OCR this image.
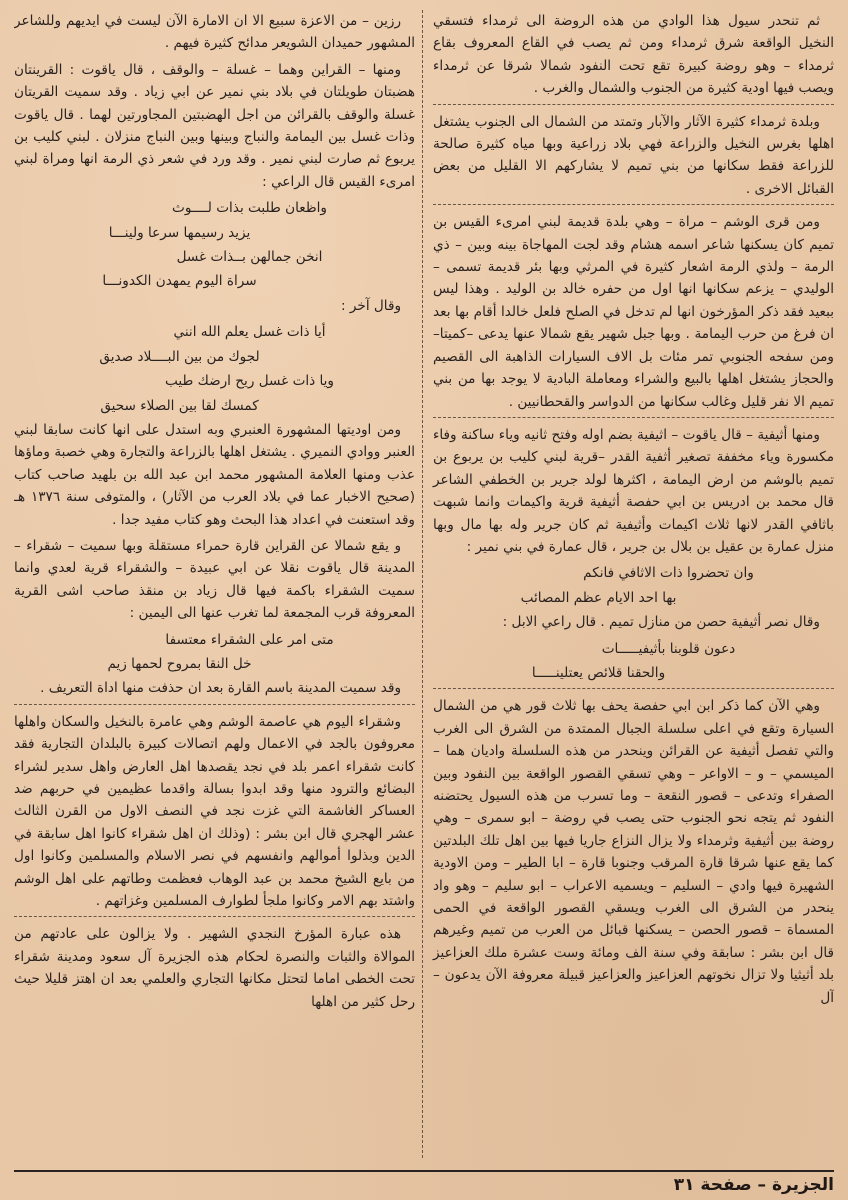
ثم تنحدر سيول هذا الوادي من هذه الروضة الى ثرمداء فتسقي النخيل الواقعة شرق ثرمداء ومن ثم يصب في القاع المعروف بقاع ثرمداء – وهو روضة كبيرة تقع تحت النفود شمالا شرقا عن ثرمداء ويصب فيها اودية كثيرة من الجنوب والشمال والغرب .

وبلدة ثرمداء كثيرة الآثار والآبار وتمتد من الشمال الى الجنوب يشتغل اهلها بغرس النخيل والزراعة فهي بلاد زراعية وبها مياه كثيرة صالحة للزراعة فقط سكانها من بني تميم لا يشاركهم الا القليل من بعض القبائل الاخرى .

ومن قرى الوشم – مراة – وهي بلدة قديمة لبني امرىء القيس بن تميم كان يسكنها شاعر اسمه هشام وقد لجت المهاجاة بينه وبين – ذي الرمة – ولذي الرمة اشعار كثيرة في المرثي وبها بئر قديمة تسمى – الوليدي – يزعم سكانها انها اول من حفره خالد بن الوليد . وهذا ليس ببعيد فقد ذكر المؤرخون انها لم تدخل في الصلح فلعل خالدا أقام بها بعد ان فرغ من حرب اليمامة . وبها جبل شهير يقع شمالا عنها يدعى –كميتا– ومن سفحه الجنوبي تمر مئات بل الاف السيارات الذاهبة الى القصيم والحجاز يشتغل اهلها بالبيع والشراء ومعاملة البادية لا يوجد بها من بني تميم الا نفر قليل وغالب سكانها من الدواسر والقحطانيين .

ومنها أثيفية – قال ياقوت – اثيفية بضم اوله وفتح ثانيه وياء ساكنة وفاء مكسورة وياء مخففة تصغير أثفية القدر –قرية لبني كليب بن يربوع بن تميم بالوشم من ارض اليمامة ، اكثرها لولد جرير بن الخطفي الشاعر قال محمد بن ادريس بن ابي حفصة أثيفية قرية واكيمات وانما شبهت باثافي القدر لانها ثلاث اكيمات وأثيفية ثم كان جرير وله بها مال وبها منزل عمارة بن عقيل بن بلال بن جرير ، قال عمارة في بني نمير :

وان تحضروا ذات الاثافي فانكم

بها احد الايام عظم المصائب

وقال نصر أثيفية حصن من منازل تميم . قال راعي الابل :

دعون قلوبنا بأثيفيـــــات

والحقنا قلائص يعتلينـــــا

وهي الآن كما ذكر ابن ابي حفصة يحف بها ثلاث قور هي من الشمال السيارة وتقع في اعلى سلسلة الجبال الممتدة من الشرق الى الغرب والتي تفصل أثيفية عن القرائن وينحدر من هذه السلسلة واديان هما – الميسمي – و – الاواعر – وهي تسقي القصور الواقعة بين النفود وبين الصفراء وتدعى – قصور النقعة – وما تسرب من هذه السيول يحتضنه النفود ثم يتجه نحو الجنوب حتى يصب في روضة – ابو سمرى – وهي روضة بين أثيفية وثرمداء ولا يزال النزاع جاريا فيها بين اهل تلك البلدتين كما يقع عنها شرقا قارة المرقب وجنوبا قارة – ابا الطير – ومن الاودية الشهيرة فيها وادي – السليم – ويسميه الاعراب – ابو سليم – وهو واد ينحدر من الشرق الى الغرب ويسقي القصور الواقعة في الحمى المسماة – قصور الحصن – يسكنها قبائل من العرب من تميم وغيرهم قال ابن بشر : سابقة وفي سنة الف ومائة وست عشرة ملك العزاعيز بلد أثيثيا ولا تزال نخوتهم العزاعيز والعزاعيز قبيلة معروفة الآن يدعون – آل

رزين – من الاعزة سبيع الا ان الامارة الآن ليست في ايديهم وللشاعر المشهور حميدان الشويعر مدائح كثيرة فيهم .

ومنها – القراين وهما – غسلة – والوقف ، قال ياقوت : القرينتان هضبتان طويلتان في بلاد بني نمير عن ابي زياد . وقد سميت القريتان غسلة والوقف بالقرائن من اجل الهضبتين المجاورتين لهما . قال ياقوت وذات غسل بين اليمامة والنباج وبينها وبين النباج منزلان . لبني كليب بن يربوع ثم صارت لبني نمير . وقد ورد في شعر ذي الرمة انها ومراة لبني امرىء القيس قال الراعي :

واظعان طلبت بذات لــــوث

يزيد رسيمها سرعا ولينـــا

انخن جمالهن بــذات غسل

سراة اليوم يمهدن الكدونـــا

وقال آخر :

أيا ذات غسل يعلم الله انني

لجوك من بين البــــلاد صديق

ويا ذات غسل ريح ارضك طيب

كمسك لقا بين الصلاء سحيق

ومن اوديتها المشهورة العنبري وبه استدل على انها كانت سابقا لبني العنبر ووادي النميري . يشتغل اهلها بالزراعة والتجارة وهي خصبة وماؤها عذب ومنها العلامة المشهور محمد ابن عبد الله بن بلهيد صاحب كتاب (صحيح الاخبار عما في بلاد العرب من الآثار) ، والمتوفى سنة ١٣٧٦ هـ وقد استعنت في اعداد هذا البحث وهو كتاب مفيد جدا .

و يقع شمالا عن القراين قارة حمراء مستقلة وبها سميت – شقراء – المدينة قال ياقوت نقلا عن ابي عبيدة – والشقراء قرية لعدي وانما سميت الشقراء باكمة فيها قال زياد بن منقذ صاحب اشى القرية المعروفة قرب المجمعة لما تغرب عنها الى اليمين :

متى امر على الشقراء معتسفا

خل النقا بمروح لحمها زيم

وقد سميت المدينة باسم القارة بعد ان حذفت منها اداة التعريف .

وشقراء اليوم هي عاصمة الوشم وهي عامرة بالنخيل والسكان واهلها معروفون بالجد في الاعمال ولهم اتصالات كبيرة بالبلدان التجارية فقد كانت شقراء اعمر بلد في نجد يقصدها اهل العارض واهل سدير لشراء البضائع والترود منها وقد ابدوا بسالة واقدما عظيمين في حربهم ضد العساكر الغاشمة التي غزت نجد في النصف الاول من القرن الثالث عشر الهجري قال ابن بشر : (وذلك ان اهل شقراء كانوا اهل سابقة في الدين وبذلوا أموالهم وانفسهم في نصر الاسلام والمسلمين وكانوا اول من بايع الشيخ محمد بن عبد الوهاب فعظمت وطاتهم على اهل الوشم واشتد بهم الامر وكانوا ملجأ لطوارف المسلمين وغزاتهم .

هذه عبارة المؤرخ النجدي الشهير . ولا يزالون على عادتهم من الموالاة والثبات والنصرة لحكام هذه الجزيرة آل سعود ومدينة شقراء تحت الخطى اماما لتحتل مكانها التجاري والعلمي بعد ان اهتز قليلا حيث رحل كثير من اهلها

الجزيرة – صفحة ٣١
